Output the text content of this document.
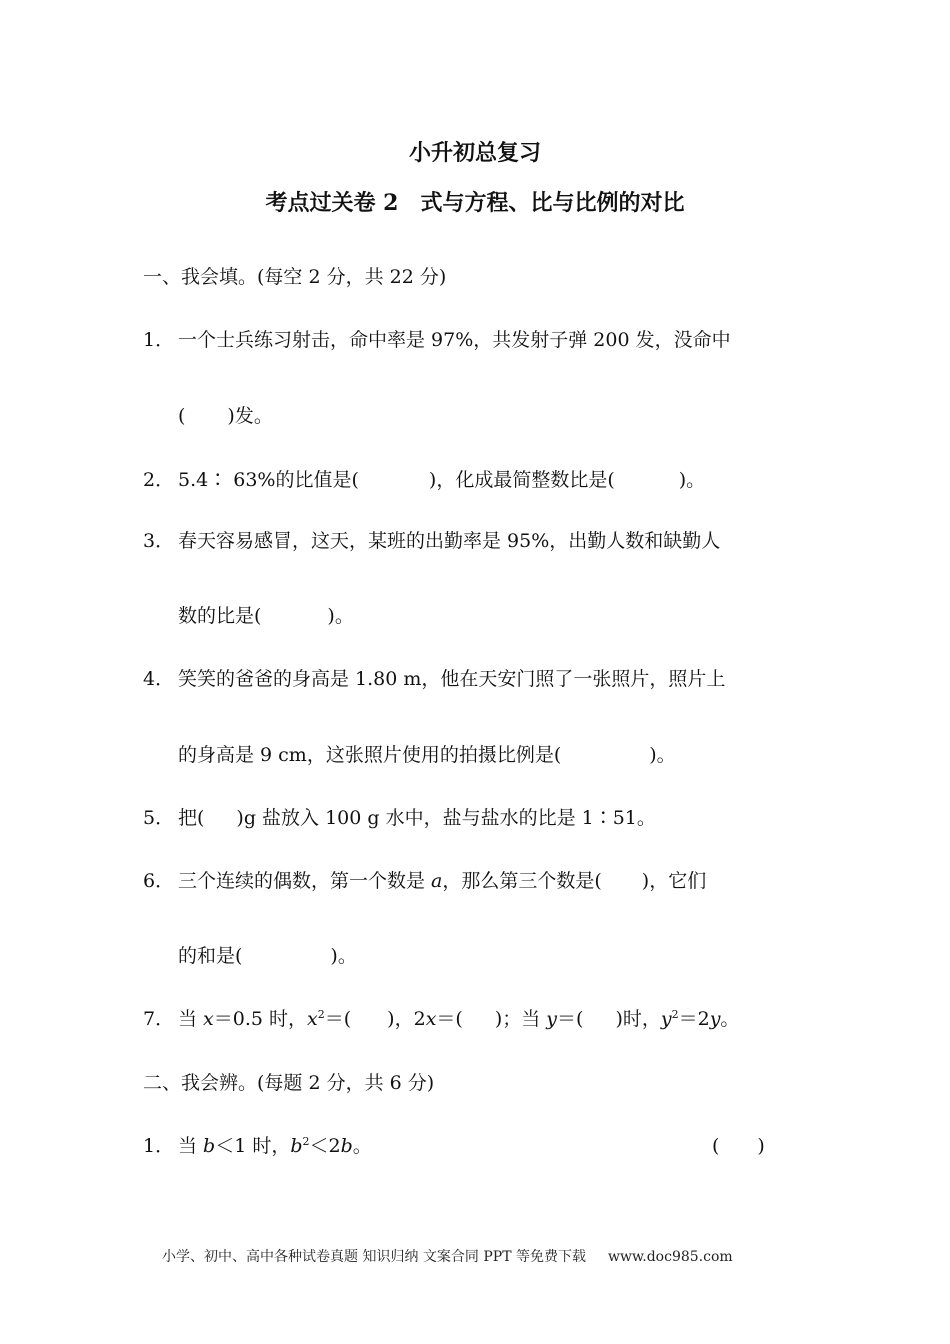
小升初总复习
考点过关卷 2　式与方程、比与比例的对比
一、我会填。(每空 2 分，共 22 分)
1． 一个士兵练习射击，命中率是 97%，共发射子弹 200 发，没命中
( )发。
2． 5.4∶ 63%的比值是(	)，化成最简整数比是(	)。
3． 春天容易感冒，这天，某班的出勤率是 95%，出勤人数和缺勤人
数的比是(	)。
4． 笑笑的爸爸的身高是 1.80 m，他在天安门照了一张照片，照片上
的身高是 9 cm，这张照片使用的拍摄比例是(	)。
5． 把( )g 盐放入 100 g 水中，盐与盐水的比是 1∶51。
6． 三个连续的偶数，第一个数是 a，那么第三个数是( )，它们
的和是(	)。
7． 当 x＝0.5 时，$x^2=$( )，2x＝( )；当 y＝( )时，$y^2=2y$。
二、我会辨。(每题 2 分，共 6 分)
1． 当 b＜1 时，$b^2<2b$。	(　　)
小学、初中、高中各种试卷真题 知识归纳 文案合同 PPT 等免费下载 www.doc985.com
